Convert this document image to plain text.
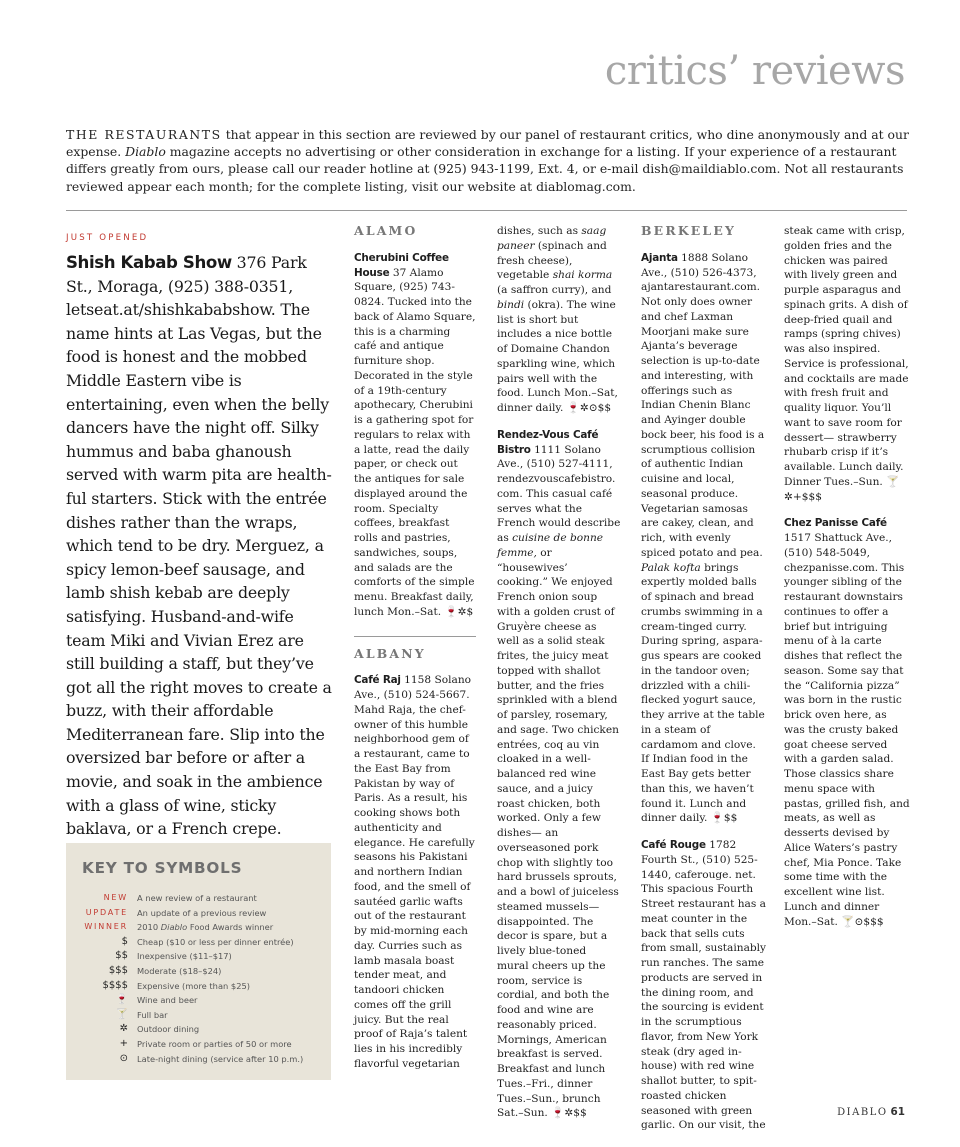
critics’ reviews
THE RESTAURANTS that appear in this section are reviewed by our panel of restaurant critics, who dine anonymously and at our expense. Diablo magazine accepts no advertising or other consideration in exchange for a listing. If your experience of a restaurant differs greatly from ours, please call our reader hotline at (925) 943-1199, Ext. 4, or e-mail dish@maildiablo.com. Not all restaurants reviewed appear each month; for the complete listing, visit our website at diablomag.com.
JUST OPENED
Shish Kabab Show 376 Park St., Moraga, (925) 388-0351, letseat.at/shishkababshow. The name hints at Las Vegas, but the food is honest and the mobbed Middle Eastern vibe is entertaining, even when the belly dancers have the night off. Silky hummus and baba ghanoush served with warm pita are healthful starters. Stick with the entrée dishes rather than the wraps, which tend to be dry. Merguez, a spicy lemon-beef sausage, and lamb shish kebab are deeply satisfying. Husband-and-wife team Miki and Vivian Erez are still building a staff, but they’ve got all the right moves to create a buzz, with their affordable Mediterranean fare. Slip into the oversized bar before or after a movie, and soak in the ambience with a glass of wine, sticky baklava, or a French crepe.
KEY TO SYMBOLS
NEW A new review of a restaurant
UPDATE An update of a previous review
WINNER 2010 Diablo Food Awards winner
$ Cheap ($10 or less per dinner entrée)
$$ Inexpensive ($11–$17)
$$$ Moderate ($18–$24)
$$$$ Expensive (more than $25)
🍷 Wine and beer
🍸 Full bar
✲ Outdoor dining
+ Private room or parties of 50 or more
⊙ Late-night dining (service after 10 p.m.)
ALAMO

Cherubini Coffee House 37 Alamo Square, (925) 743-0824. Tucked into the back of Alamo Square, this is a charming café and antique furniture shop. Decorated in the style of a 19th-century apothecary, Cherubini is a gathering spot for regulars to relax with a latte, read the daily paper, or check out the antiques for sale displayed around the room. Specialty coffees, breakfast rolls and pastries, sandwiches, soups, and salads are the comforts of the simple menu. Breakfast daily, lunch Mon.–Sat. 🍷✲$

ALBANY

Café Raj 1158 Solano Ave., (510) 524-5667. Mahd Raja, the chef-owner of this humble neighborhood gem of a restaurant, came to the East Bay from Pakistan by way of Paris. As a result, his cooking shows both authenticity and elegance. He carefully seasons his Pakistani and northern Indian food, and the smell of sautéed garlic wafts out of the restaurant by mid-morning each day. Curries such as lamb masala boast tender meat, and tandoori chicken comes off the grill juicy. But the real proof of Raja’s talent lies in his incredibly flavorful vegetarian

dishes, such as saag paneer (spinach and fresh cheese), vegetable shai korma (a saffron curry), and bindi (okra). The wine list is short but includes a nice bottle of Domaine Chandon sparkling wine, which pairs well with the food. Lunch Mon.–Sat, dinner daily. 🍷✲⊙$$

Rendez-Vous Café Bistro 1111 Solano Ave., (510) 527-4111, rendezvouscafebistro. com. This casual café serves what the French would describe as cuisine de bonne femme, or “housewives’ cooking.” We enjoyed French onion soup with a golden crust of Gruyère cheese as well as a solid steak frites, the juicy meat topped with shallot butter, and the fries sprinkled with a blend of parsley, rosemary, and sage. Two chicken entrées, coq au vin cloaked in a well-balanced red wine sauce, and a juicy roast chicken, both worked. Only a few dishes— an overseasoned pork chop with slightly too hard brussels sprouts, and a bowl of juiceless steamed mussels— disappointed. The decor is spare, but a lively blue-toned mural cheers up the room, service is cordial, and both the food and wine are reasonably priced. Mornings, American breakfast is served. Breakfast and lunch Tues.–Fri., dinner Tues.–Sun., brunch Sat.–Sun. 🍷✲$$

BERKELEY

Ajanta 1888 Solano Ave., (510) 526-4373, ajantarestaurant.com. Not only does owner and chef Laxman Moorjani make sure Ajanta’s beverage selection is up-to-date and interesting, with offerings such as Indian Chenin Blanc and Ayinger double bock beer, his food is a scrumptious collision of authentic Indian cuisine and local, seasonal produce. Vegetarian samosas are cakey, clean, and rich, with evenly spiced potato and pea. Palak kofta brings expertly molded balls of spinach and bread crumbs swimming in a cream-tinged curry. During spring, asparagus spears are cooked in the tandoor oven; drizzled with a chili-flecked yogurt sauce, they arrive at the table in a steam of cardamom and clove. If Indian food in the East Bay gets better than this, we haven’t found it. Lunch and dinner daily. 🍷$$

Café Rouge 1782 Fourth St., (510) 525-1440, caferouge. net. This spacious Fourth Street restaurant has a meat counter in the back that sells cuts from small, sustainably run ranches. The same products are served in the dining room, and the sourcing is evident in the scrumptious flavor, from New York steak (dry aged in-house) with red wine shallot butter, to spit-roasted chicken seasoned with green garlic. On our visit, the

steak came with crisp, golden fries and the chicken was paired with lively green and purple asparagus and spinach grits. A dish of deep-fried quail and ramps (spring chives) was also inspired. Service is professional, and cocktails are made with fresh fruit and quality liquor. You’ll want to save room for dessert— strawberry rhubarb crisp if it’s available. Lunch daily. Dinner Tues.–Sun. 🍸✲+$$$

Chez Panisse Café 1517 Shattuck Ave., (510) 548-5049, chezpanisse.com. This younger sibling of the restaurant downstairs continues to offer a brief but intriguing menu of à la carte dishes that reflect the season. Some say that the “California pizza” was born in the rustic brick oven here, as was the crusty baked goat cheese served with a garden salad. Those classics share menu space with pastas, grilled fish, and meats, as well as desserts devised by Alice Waters’s pastry chef, Mia Ponce. Take some time with the excellent wine list. Lunch and dinner Mon.–Sat. 🍸⊙$$$

DIABLO 61
